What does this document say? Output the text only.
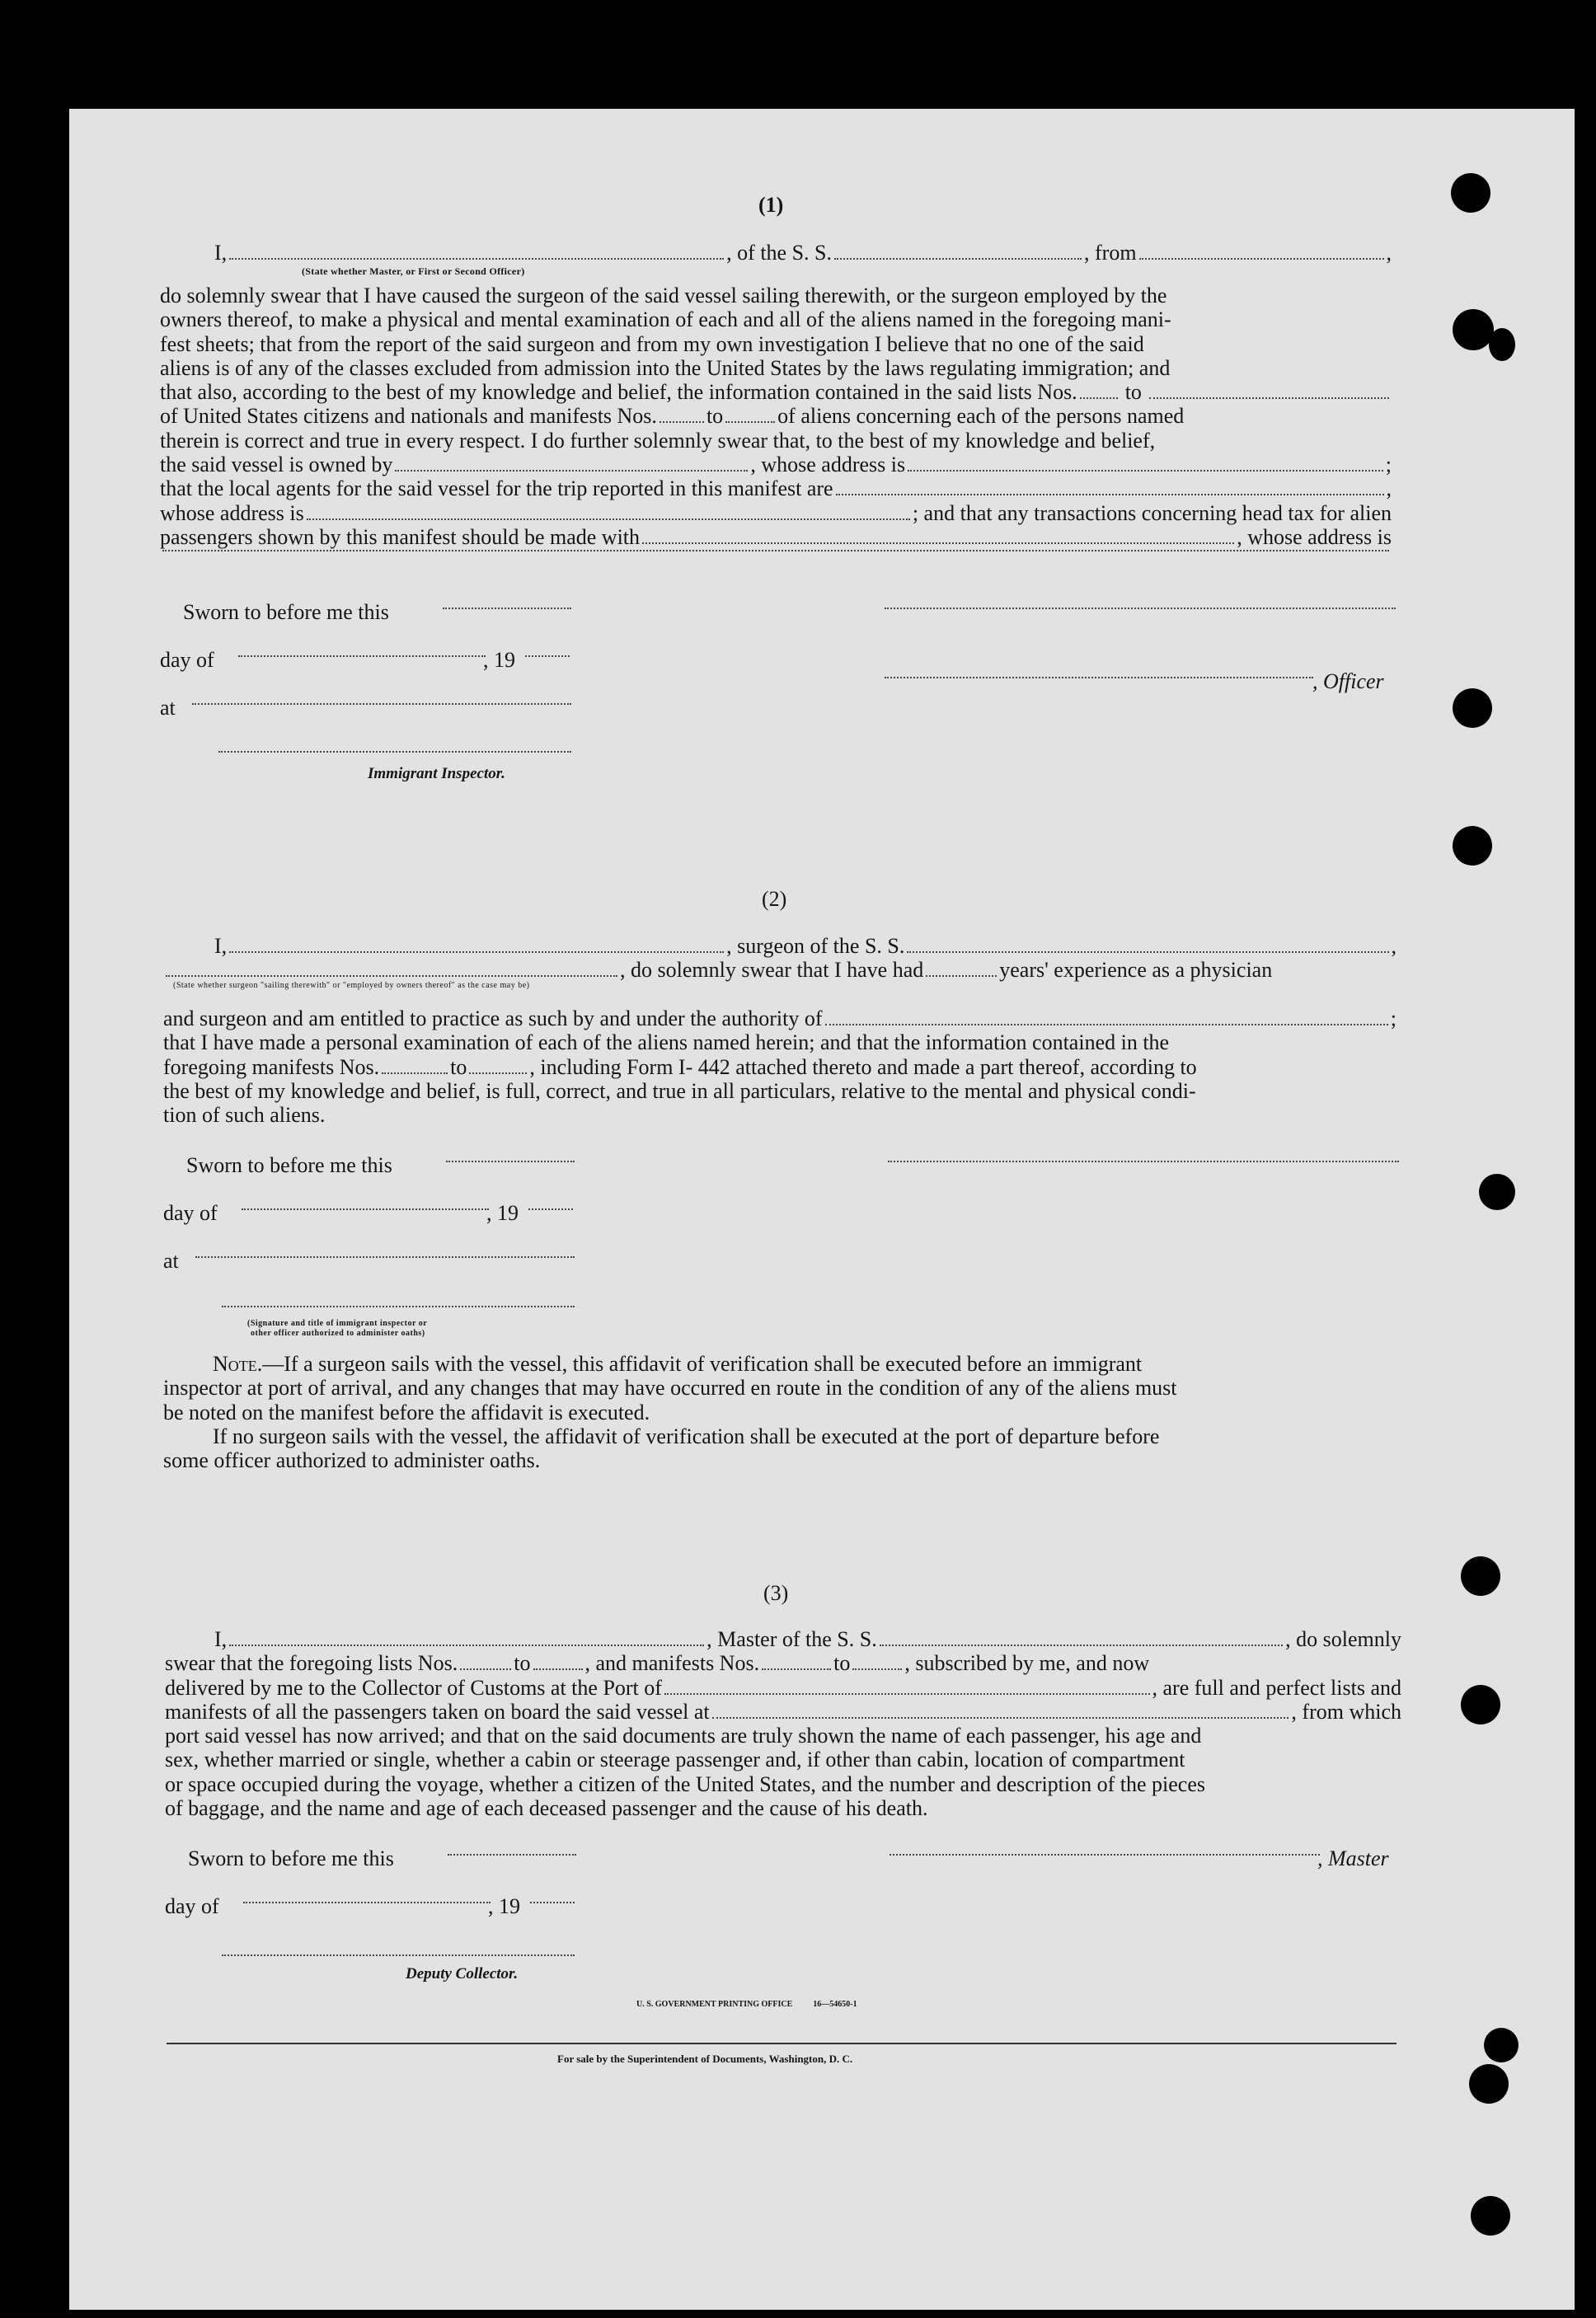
(1)
I,	, of the S. S.	, from	,
(State whether Master, or First or Second Officer)
do solemnly swear that I have caused the surgeon of the said vessel sailing therewith, or the surgeon employed by the
owners thereof, to make a physical and mental examination of each and all of the aliens named in the foregoing mani-
fest sheets; that from the report of the said surgeon and from my own investigation I believe that no one of the said
aliens is of any of the classes excluded from admission into the United States by the laws regulating immigration; and
that also, according to the best of my knowledge and belief, the information contained in the said lists Nos. to
of United States citizens and nationals and manifests Nos. to	of aliens concerning each of the persons named
therein is correct and true in every respect. I do further solemnly swear that, to the best of my knowledge and belief,
the said vessel is owned by	, whose address is	;
that the local agents for the said vessel for the trip reported in this manifest are	,
whose address is	; and that any transactions concerning head tax for alien
passengers shown by this manifest should be made with	, whose address is
Sworn to before me this
day of	, 19
, Officer
at
Immigrant Inspector.
(2)
I,	, surgeon of the S. S.	,
, do solemnly swear that I have had	years' experience as a physician
(State whether surgeon "sailing therewith" or "employed by owners thereof" as the case may be)
and surgeon and am entitled to practice as such by and under the authority of	;
that I have made a personal examination of each of the aliens named herein; and that the information contained in the
foregoing manifests Nos.	to	, including Form I- 442 attached thereto and made a part thereof, according to
the best of my knowledge and belief, is full, correct, and true in all particulars, relative to the mental and physical condi-
tion of such aliens.
Sworn to before me this
day of	, 19
at
(Signature and title of immigrant inspector or
other officer authorized to administer oaths)
Note.—If a surgeon sails with the vessel, this affidavit of verification shall be executed before an immigrant
inspector at port of arrival, and any changes that may have occurred en route in the condition of any of the aliens must
be noted on the manifest before the affidavit is executed.
If no surgeon sails with the vessel, the affidavit of verification shall be executed at the port of departure before
some officer authorized to administer oaths.
(3)
I,	, Master of the S. S.	, do solemnly
swear that the foregoing lists Nos.	to	, and manifests Nos.	to	, subscribed by me, and now
delivered by me to the Collector of Customs at the Port of	, are full and perfect lists and
manifests of all the passengers taken on board the said vessel at	, from which
port said vessel has now arrived; and that on the said documents are truly shown the name of each passenger, his age and
sex, whether married or single, whether a cabin or steerage passenger and, if other than cabin, location of compartment
or space occupied during the voyage, whether a citizen of the United States, and the number and description of the pieces
of baggage, and the name and age of each deceased passenger and the cause of his death.
Sworn to before me this	, Master
day of	, 19
Deputy Collector.
U. S. GOVERNMENT PRINTING OFFICE          16—54650-1
For sale by the Superintendent of Documents, Washington, D. C.
